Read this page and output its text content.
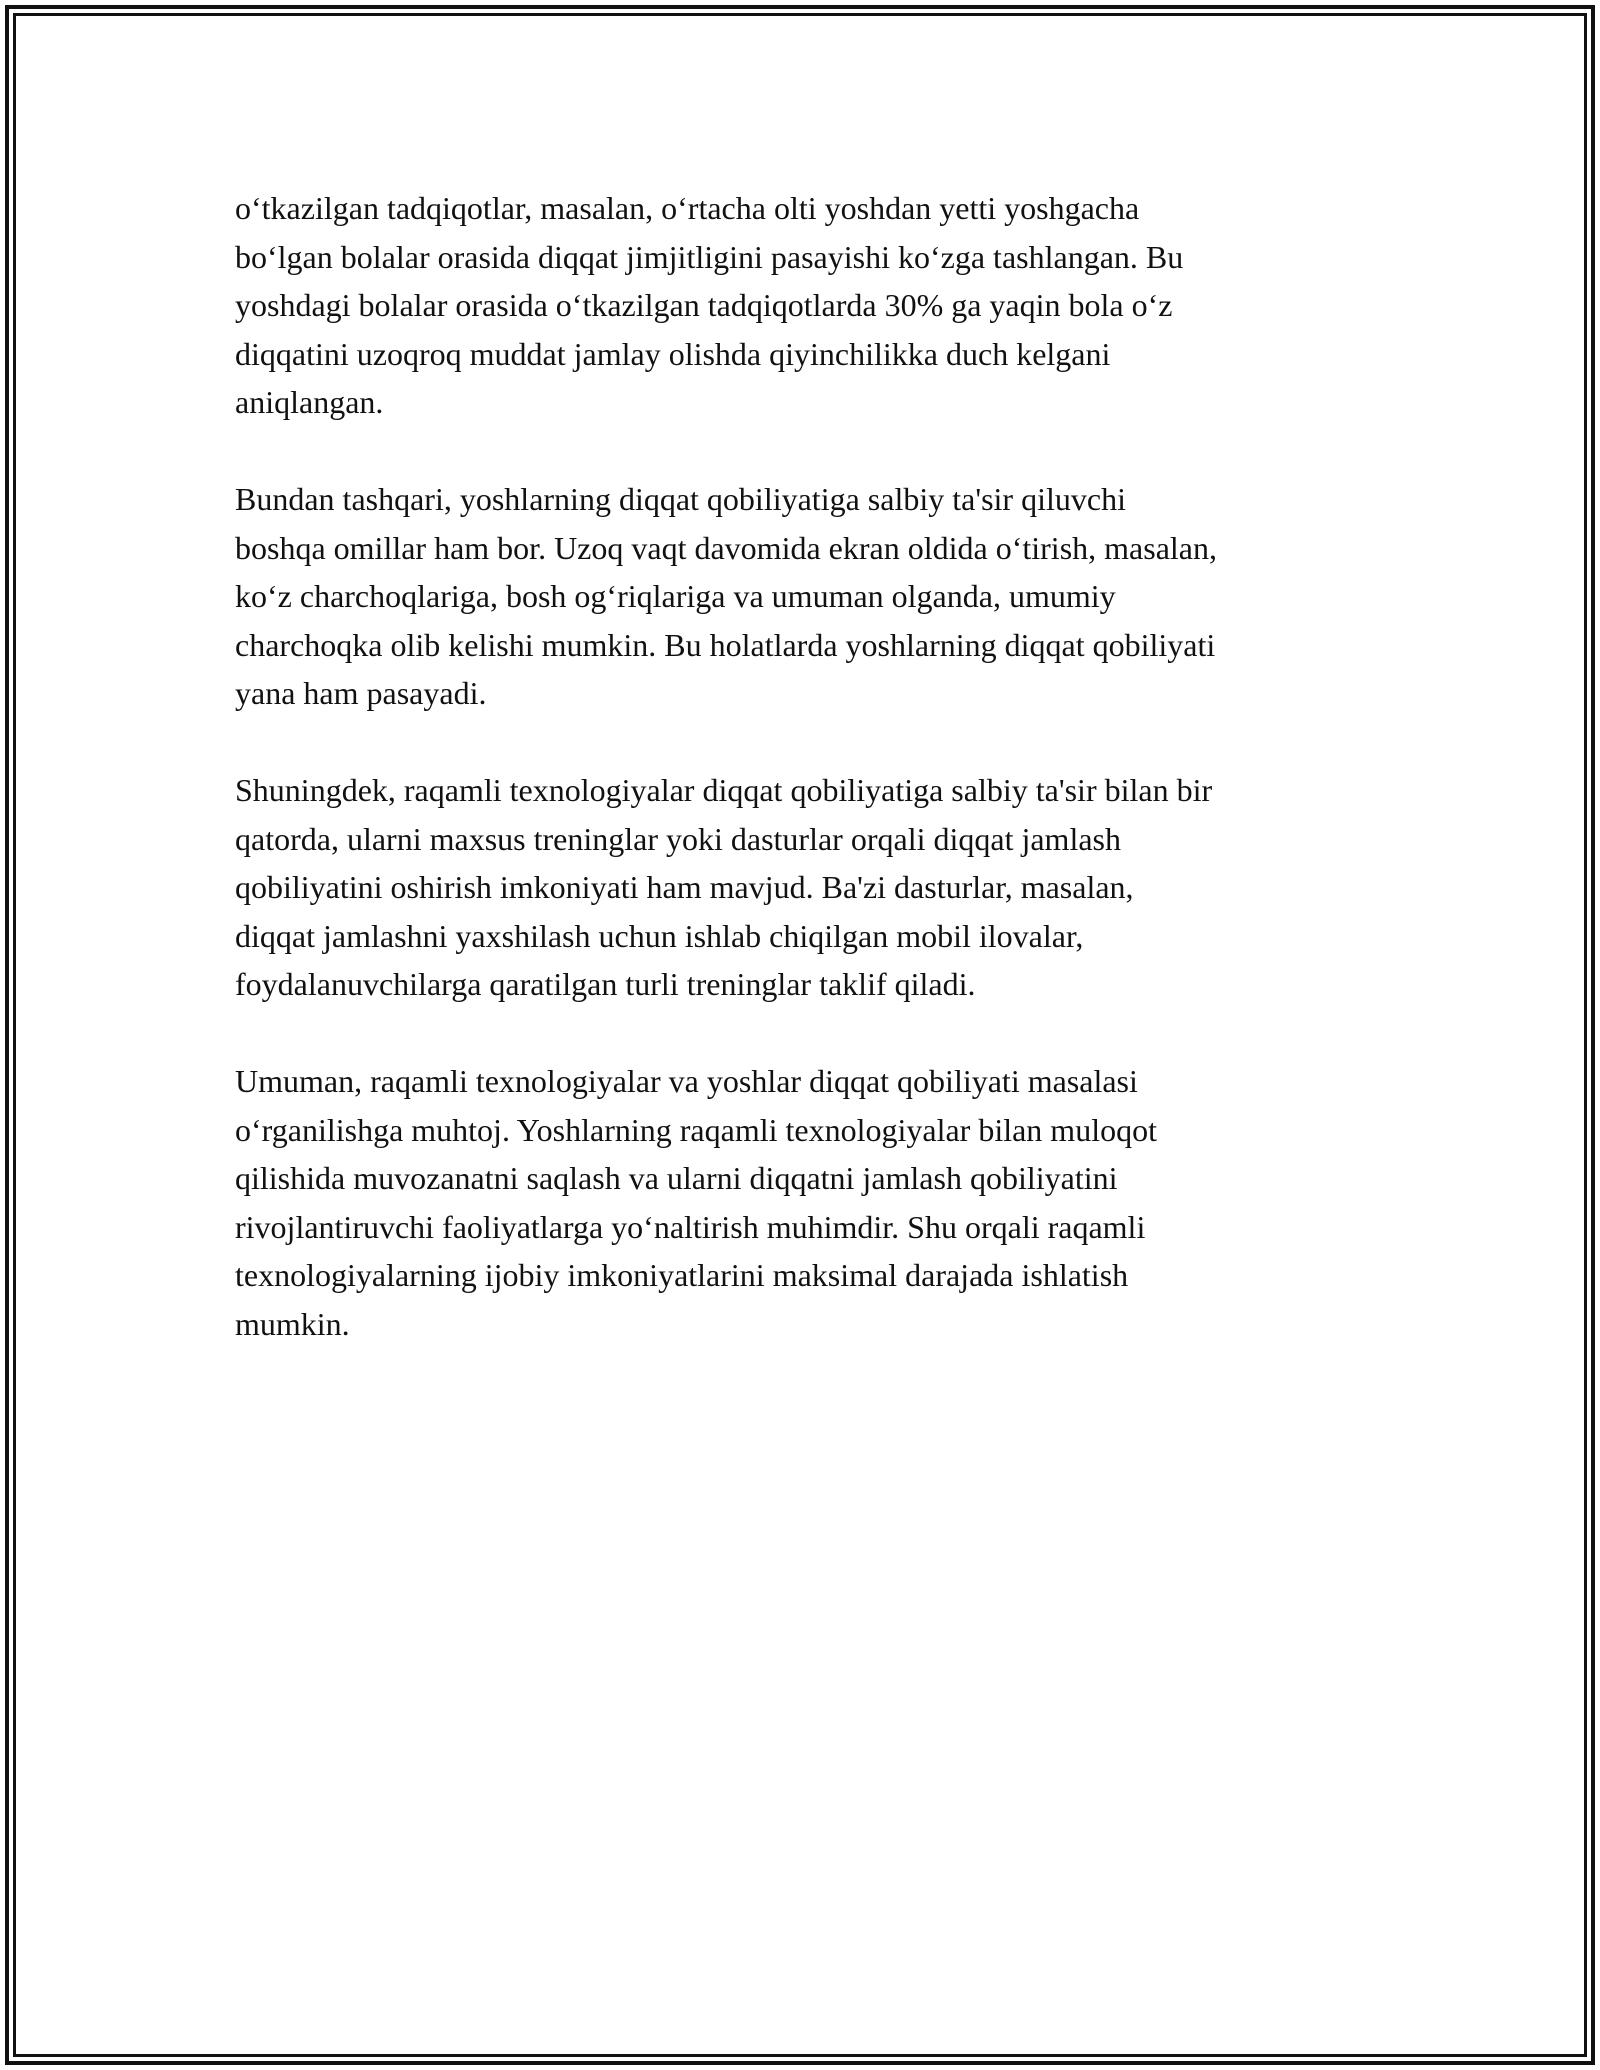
o‘tkazilgan tadqiqotlar, masalan, o‘rtacha olti yoshdan yetti yoshgacha
bo‘lgan bolalar orasida diqqat jimjitligini pasayishi ko‘zga tashlangan. Bu
yoshdagi bolalar orasida o‘tkazilgan tadqiqotlarda 30% ga yaqin bola o‘z
diqqatini uzoqroq muddat jamlay olishda qiyinchilikka duch kelgani
aniqlangan.

Bundan tashqari, yoshlarning diqqat qobiliyatiga salbiy ta'sir qiluvchi
boshqa omillar ham bor. Uzoq vaqt davomida ekran oldida o‘tirish, masalan,
ko‘z charchoqlariga, bosh og‘riqlariga va umuman olganda, umumiy
charchoqka olib kelishi mumkin. Bu holatlarda yoshlarning diqqat qobiliyati
yana ham pasayadi.

Shuningdek, raqamli texnologiyalar diqqat qobiliyatiga salbiy ta'sir bilan bir
qatorda, ularni maxsus treninglar yoki dasturlar orqali diqqat jamlash
qobiliyatini oshirish imkoniyati ham mavjud. Ba'zi dasturlar, masalan,
diqqat jamlashni yaxshilash uchun ishlab chiqilgan mobil ilovalar,
foydalanuvchilarga qaratilgan turli treninglar taklif qiladi.

Umuman, raqamli texnologiyalar va yoshlar diqqat qobiliyati masalasi
o‘rganilishga muhtoj. Yoshlarning raqamli texnologiyalar bilan muloqot
qilishida muvozanatni saqlash va ularni diqqatni jamlash qobiliyatini
rivojlantiruvchi faoliyatlarga yo‘naltirish muhimdir. Shu orqali raqamli
texnologiyalarning ijobiy imkoniyatlarini maksimal darajada ishlatish
mumkin.
